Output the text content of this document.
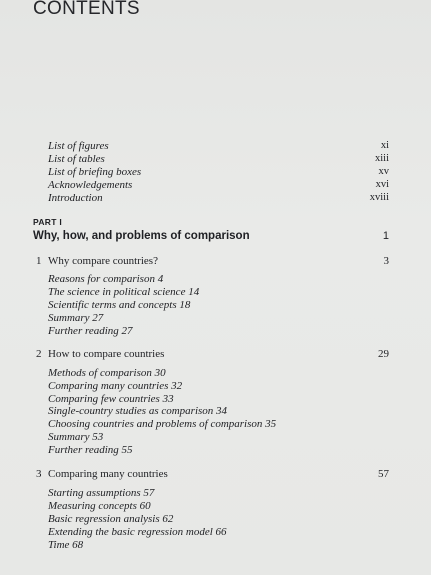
CONTENTS
List of figures	xi
List of tables	xiii
List of briefing boxes	xv
Acknowledgements	xvi
Introduction	xviii
PART I
Why, how, and problems of comparison	1
1 Why compare countries?	3
Reasons for comparison 4
The science in political science 14
Scientific terms and concepts 18
Summary 27
Further reading 27
2 How to compare countries	29
Methods of comparison 30
Comparing many countries 32
Comparing few countries 33
Single-country studies as comparison 34
Choosing countries and problems of comparison 35
Summary 53
Further reading 55
3 Comparing many countries	57
Starting assumptions 57
Measuring concepts 60
Basic regression analysis 62
Extending the basic regression model 66
Time 68
